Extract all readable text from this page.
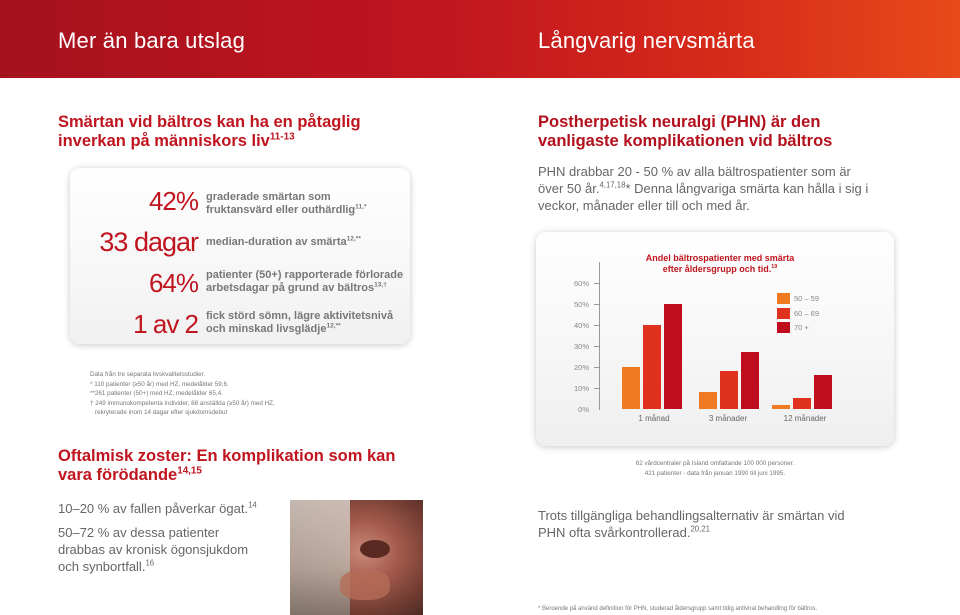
Mer än bara utslag	Långvarig nervsmärta
Smärtan vid bältros kan ha en påtaglig
inverkan på människors liv$^{11-13}$
42% graderade smärtan som
fruktansvärd eller outhärdlig$^{11,*}$
33 dagar median-duration av smärta$^{12,**}$
64% patienter (50+) rapporterade förlorade
arbetsdagar på grund av bältros$^{13,\dagger}$
1 av 2 fick störd sömn, lägre aktivitetsnivå
och minskad livsglädje$^{12,**}$
Data från tre separata livskvalitetsstudier.
* 110 patienter (≥50 år) med HZ, medelålder 59,6.
**261 patienter (50+) med HZ, medelålder 65,4.
† 249 immunokompetenta individer, 88 anställda (≥50 år) med HZ,
rekryterade inom 14 dagar efter sjukdomsdebut
Oftalmisk zoster: En komplikation som kan
vara förödande$^{14,15}$
10–20 % av fallen påverkar ögat.$^{14}$
50–72 % av dessa patienter
drabbas av kronisk ögonsjukdom
och synbortfall.$^{16}$
Postherpetisk neuralgi (PHN) är den
vanligaste komplikationen vid bältros
PHN drabbar 20 - 50 % av alla bältrospatienter som är
över 50 år.$^{4,17,18}$* Denna långvariga smärta kan hålla i sig i
veckor, månader eller till och med år.
Andel bältrospatienter med smärta
efter åldersgrupp och tid.$^{19}$
60%
50%
40%
30%
20%
10%
0%
1 månad	3 månader	12 månader
50 – 59
60 – 69
70 +
62 vårdcentraler på Island omfattande 100 000 personer.
421 patienter - data från januari 1990 till juni 1995.
Trots tillgängliga behandlingsalternativ är smärtan vid
PHN ofta svårkontrollerad.$^{20,21}$
* Beroende på använd definition för PHN, studerad åldersgrupp samt tidig antiviral behandling för bältros.
